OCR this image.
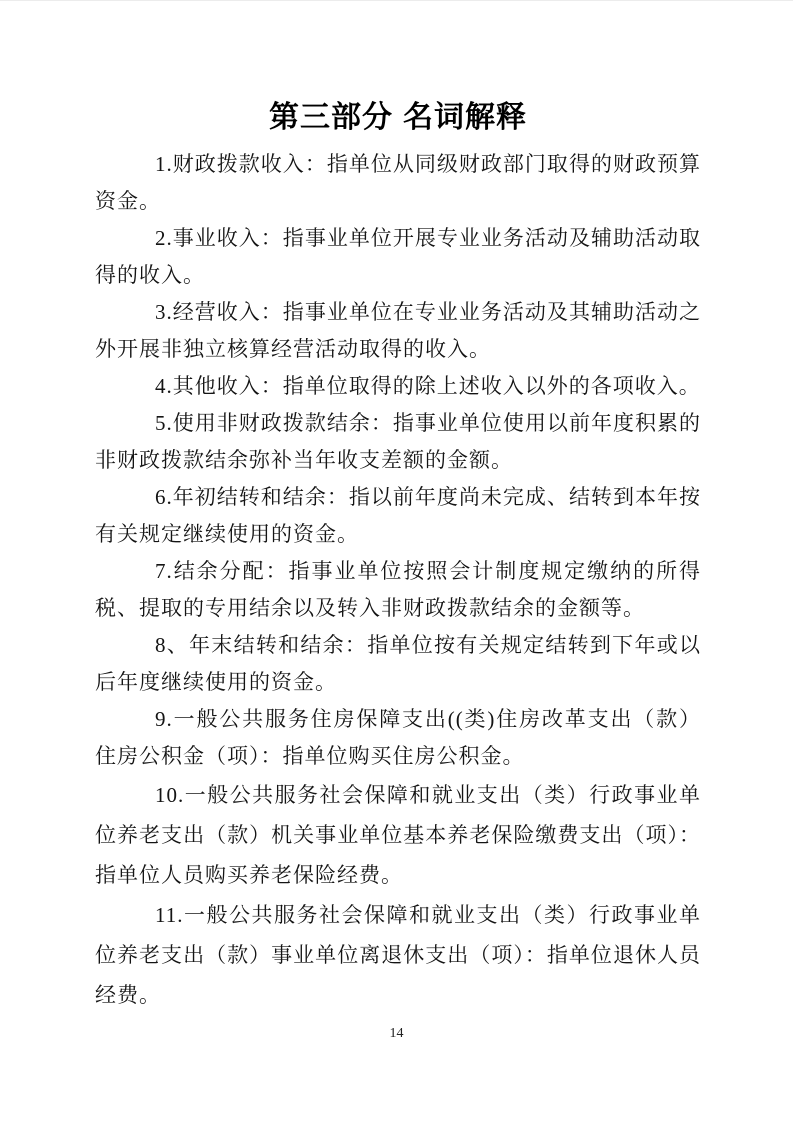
第三部分 名词解释

1.财政拨款收入：指单位从同级财政部门取得的财政预算资金。

2.事业收入：指事业单位开展专业业务活动及辅助活动取得的收入。

3.经营收入：指事业单位在专业业务活动及其辅助活动之外开展非独立核算经营活动取得的收入。

4.其他收入：指单位取得的除上述收入以外的各项收入。

5.使用非财政拨款结余：指事业单位使用以前年度积累的非财政拨款结余弥补当年收支差额的金额。

6.年初结转和结余：指以前年度尚未完成、结转到本年按有关规定继续使用的资金。

7.结余分配：指事业单位按照会计制度规定缴纳的所得税、提取的专用结余以及转入非财政拨款结余的金额等。

8、年末结转和结余：指单位按有关规定结转到下年或以后年度继续使用的资金。

9.一般公共服务住房保障支出((类)住房改革支出（款）住房公积金（项）：指单位购买住房公积金。

10.一般公共服务社会保障和就业支出（类）行政事业单位养老支出（款）机关事业单位基本养老保险缴费支出（项）：指单位人员购买养老保险经费。

11.一般公共服务社会保障和就业支出（类）行政事业单位养老支出（款）事业单位离退休支出（项）：指单位退休人员经费。

14
